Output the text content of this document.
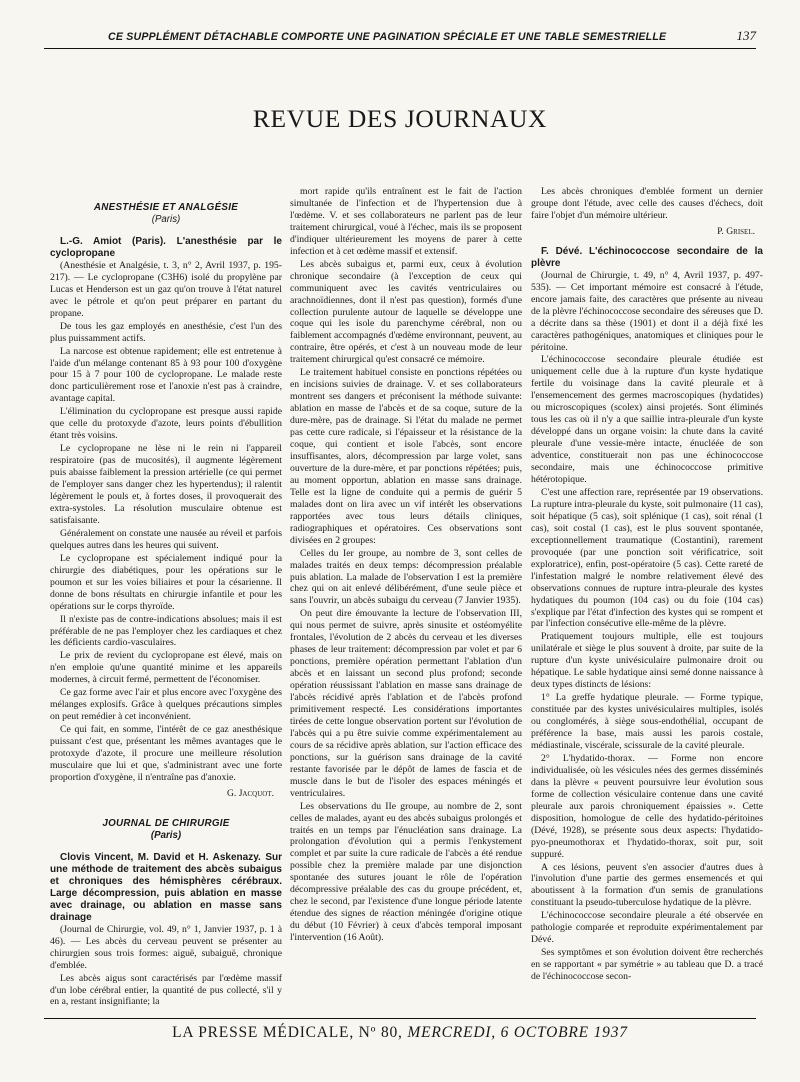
CE SUPPLÉMENT DÉTACHABLE COMPORTE UNE PAGINATION SPÉCIALE ET UNE TABLE SEMESTRIELLE	137
REVUE DES JOURNAUX
ANESTHÉSIE ET ANALGÉSIE
(Paris)
L.-G. Amiot (Paris). L'anesthésie par le cyclopropane

(Anesthésie et Analgésie, t. 3, n° 2, Avril 1937, p. 195-217). — Le cyclopropane (C3H6) isolé du propylène par Lucas et Henderson est un gaz qu'on trouve à l'état naturel avec le pétrole et qu'on peut préparer en partant du propane.

De tous les gaz employés en anesthésie, c'est l'un des plus puissamment actifs.

La narcose est obtenue rapidement; elle est entretenue à l'aide d'un mélange contenant 85 à 93 pour 100 d'oxygène pour 15 à 7 pour 100 de cyclopropane. Le malade reste donc particulièrement rose et l'anoxie n'est pas à craindre, avantage capital.

L'élimination du cyclopropane est presque aussi rapide que celle du protoxyde d'azote, leurs points d'ébullition étant très voisins.

Le cyclopropane ne lèse ni le rein ni l'appareil respiratoire (pas de mucosités), il augmente légèrement puis abaisse faiblement la pression artérielle (ce qui permet de l'employer sans danger chez les hypertendus); il ralentit légèrement le pouls et, à fortes doses, il provoquerait des extra-systoles. La résolution musculaire obtenue est satisfaisante.

Généralement on constate une nausée au réveil et parfois quelques autres dans les heures qui suivent.

Le cyclopropane est spécialement indiqué pour la chirurgie des diabétiques, pour les opérations sur le poumon et sur les voies biliaires et pour la césarienne. Il donne de bons résultats en chirurgie infantile et pour les opérations sur le corps thyroïde.

Il n'existe pas de contre-indications absolues; mais il est préférable de ne pas l'employer chez les cardiaques et chez les déficients cardio-vasculaires.

Le prix de revient du cyclopropane est élevé, mais on n'en emploie qu'une quantité minime et les appareils modernes, à circuit fermé, permettent de l'économiser.

Ce gaz forme avec l'air et plus encore avec l'oxygène des mélanges explosifs. Grâce à quelques précautions simples on peut remédier à cet inconvénient.

Ce qui fait, en somme, l'intérêt de ce gaz anesthésique puissant c'est que, présentant les mêmes avantages que le protoxyde d'azote, il procure une meilleure résolution musculaire que lui et que, s'administrant avec une forte proportion d'oxygène, il n'entraîne pas d'anoxie.

G. Jacquot.
JOURNAL DE CHIRURGIE
(Paris)
Clovis Vincent, M. David et H. Askenazy. Sur une méthode de traitement des abcès subaigus et chroniques des hémisphères cérébraux. Large décompression, puis ablation en masse avec drainage, ou ablation en masse sans drainage

(Journal de Chirurgie, vol. 49, n° 1, Janvier 1937, p. 1 à 46). — Les abcès du cerveau peuvent se présenter au chirurgien sous trois formes: aiguë, subaiguë, chronique d'emblée.

Les abcès aigus sont caractérisés par l'œdème massif d'un lobe cérébral entier, la quantité de pus collecté, s'il y en a, restant insignifiante; la

mort rapide qu'ils entraînent est le fait de l'action simultanée de l'infection et de l'hypertension due à l'œdème. V. et ses collaborateurs ne parlent pas de leur traitement chirurgical, voué à l'échec, mais ils se proposent d'indiquer ultérieurement les moyens de parer à cette infection et à cet œdème massif et extensif.

Les abcès subaigus et, parmi eux, ceux à évolution chronique secondaire (à l'exception de ceux qui communiquent avec les cavités ventriculaires ou arachnoïdiennes, dont il n'est pas question), formés d'une collection purulente autour de laquelle se développe une coque qui les isole du parenchyme cérébral, non ou faiblement accompagnés d'œdème environnant, peuvent, au contraire, être opérés, et c'est à un nouveau mode de leur traitement chirurgical qu'est consacré ce mémoire.

Le traitement habituel consiste en ponctions répétées ou en incisions suivies de drainage. V. et ses collaborateurs montrent ses dangers et préconisent la méthode suivante: ablation en masse de l'abcès et de sa coque, suture de la dure-mère, pas de drainage. Si l'état du malade ne permet pas cette cure radicale, si l'épaisseur et la résistance de la coque, qui contient et isole l'abcès, sont encore insuffisantes, alors, décompression par large volet, sans ouverture de la dure-mère, et par ponctions répétées; puis, au moment opportun, ablation en masse sans drainage. Telle est la ligne de conduite qui a permis de guérir 5 malades dont on lira avec un vif intérêt les observations rapportées avec tous leurs détails cliniques, radiographiques et opératoires. Ces observations sont divisées en 2 groupes:

Celles du Ier groupe, au nombre de 3, sont celles de malades traités en deux temps: décompression préalable puis ablation. La malade de l'observation I est la première chez qui on ait enlevé délibérément, d'une seule pièce et sans l'ouvrir, un abcès subaigu du cerveau (7 Janvier 1935).

On peut dire émouvante la lecture de l'observation III, qui nous permet de suivre, après sinusite et ostéomyélite frontales, l'évolution de 2 abcès du cerveau et les diverses phases de leur traitement: décompression par volet et par 6 ponctions, première opération permettant l'ablation d'un abcès et en laissant un second plus profond; seconde opération réussissant l'ablation en masse sans drainage de l'abcès récidivé après l'ablation et de l'abcès profond primitivement respecté. Les considérations importantes tirées de cette longue observation portent sur l'évolution de l'abcès qui a pu être suivie comme expérimentalement au cours de sa récidive après ablation, sur l'action efficace des ponctions, sur la guérison sans drainage de la cavité restante favorisée par le dépôt de lames de fascia et de muscle dans le but de l'isoler des espaces méningés et ventriculaires.

Les observations du IIe groupe, au nombre de 2, sont celles de malades, ayant eu des abcès subaigus prolongés et traités en un temps par l'énucléation sans drainage. La prolongation d'évolution qui a permis l'enkystement complet et par suite la cure radicale de l'abcès a été rendue possible chez la première malade par une disjonction spontanée des sutures jouant le rôle de l'opération décompressive préalable des cas du groupe précédent, et, chez le second, par l'existence d'une longue période latente étendue des signes de réaction méningée d'origine otique du début (10 Février) à ceux d'abcès temporal imposant l'intervention (16 Août).

Les abcès chroniques d'emblée forment un dernier groupe dont l'étude, avec celle des causes d'échecs, doit faire l'objet d'un mémoire ultérieur.

P. Grisel.
F. Dévé. L'échinococcose secondaire de la plèvre

(Journal de Chirurgie, t. 49, n° 4, Avril 1937, p. 497-535). — Cet important mémoire est consacré à l'étude, encore jamais faite, des caractères que présente au niveau de la plèvre l'échinococcose secondaire des séreuses que D. a décrite dans sa thèse (1901) et dont il a déjà fixé les caractères pathogéniques, anatomiques et cliniques pour le péritoine.

L'échinococcose secondaire pleurale étudiée est uniquement celle due à la rupture d'un kyste hydatique fertile du voisinage dans la cavité pleurale et à l'ensemencement des germes macroscopiques (hydatides) ou microscopiques (scolex) ainsi projetés. Sont éliminés tous les cas où il n'y a que saillie intra-pleurale d'un kyste développé dans un organe voisin: la chute dans la cavité pleurale d'une vessie-mère intacte, énucléée de son adventice, constituerait non pas une échinococcose secondaire, mais une échinococcose primitive hétérotopique.

C'est une affection rare, représentée par 19 observations. La rupture intra-pleurale du kyste, soit pulmonaire (11 cas), soit hépatique (5 cas), soit splénique (1 cas), soit rénal (1 cas), soit costal (1 cas), est le plus souvent spontanée, exceptionnellement traumatique (Costantini), rarement provoquée (par une ponction soit vérificatrice, soit exploratrice), enfin, post-opératoire (5 cas). Cette rareté de l'infestation malgré le nombre relativement élevé des observations connues de rupture intra-pleurale des kystes hydatiques du poumon (104 cas) ou du foie (104 cas) s'explique par l'état d'infection des kystes qui se rompent et par l'infection consécutive elle-même de la plèvre.

Pratiquement toujours multiple, elle est toujours unilatérale et siège le plus souvent à droite, par suite de la rupture d'un kyste univésiculaire pulmonaire droit ou hépatique. Le sable hydatique ainsi semé donne naissance à deux types distincts de lésions:

1° La greffe hydatique pleurale. — Forme typique, constituée par des kystes univésiculaires multiples, isolés ou conglomérés, à siège sous-endothélial, occupant de préférence la base, mais aussi les parois costale, médiastinale, viscérale, scissurale de la cavité pleurale.

2° L'hydatido-thorax. — Forme non encore individualisée, où les vésicules nées des germes disséminés dans la plèvre « peuvent poursuivre leur évolution sous forme de collection vésiculaire contenue dans une cavité pleurale aux parois chroniquement épaissies ». Cette disposition, homologue de celle des hydatido-péritoines (Dévé, 1928), se présente sous deux aspects: l'hydatido-pyo-pneumothorax et l'hydatido-thorax, soit pur, soit suppuré.

A ces lésions, peuvent s'en associer d'autres dues à l'involution d'une partie des germes ensemencés et qui aboutissent à la formation d'un semis de granulations constituant la pseudo-tuberculose hydatique de la plèvre.

L'échinococcose secondaire pleurale a été observée en pathologie comparée et reproduite expérimentalement par Dévé.

Ses symptômes et son évolution doivent être recherchés en se rapportant « par symétrie » au tableau que D. a tracé de l'échinococcose secon-

LA PRESSE MÉDICALE, Nº 80, MERCREDI, 6 OCTOBRE 1937
